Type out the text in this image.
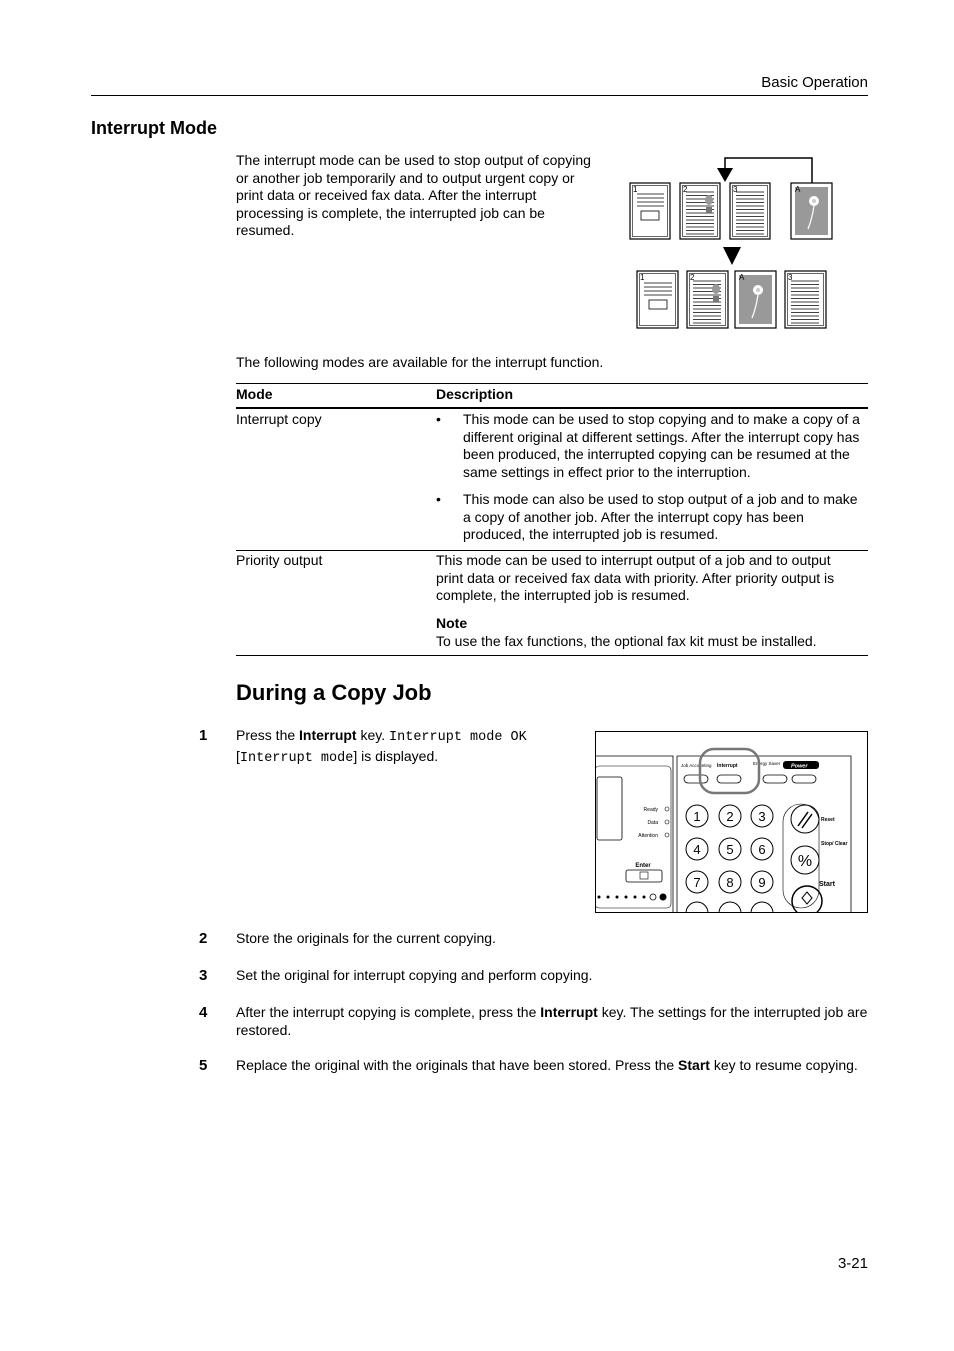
Basic Operation
Interrupt Mode
The interrupt mode can be used to stop output of copying or another job temporarily and to output urgent copy or print data or received fax data. After the interrupt processing is complete, the interrupted job can be resumed.
1	2	3	A
1	2	A	3
The following modes are available for the interrupt function.
Mode	Description
Interrupt copy	• This mode can be used to stop copying and to make a copy of a different original at different settings. After the interrupt copy has been produced, the interrupted copying can be resumed at the same settings in effect prior to the interruption.
• This mode can also be used to stop output of a job and to make a copy of another job. After the interrupt copy has been produced, the interrupted job is resumed.
Priority output	This mode can be used to interrupt output of a job and to output print data or received fax data with priority. After priority output is complete, the interrupted job is resumed.
Note
To use the fax functions, the optional fax kit must be installed.
During a Copy Job
1 Press the Interrupt key. Interrupt mode OK
[Interrupt mode] is displayed.
Ready
Data
Attention
Enter
Job Accounting Interrupt	Energy Saver Power
1 2 3
4 5 6
7 8 9
%
Reset
Stop/ Clear
Start
2 Store the originals for the current copying.
3 Set the original for interrupt copying and perform copying.
4 After the interrupt copying is complete, press the Interrupt key. The settings for the interrupted job are restored.
5 Replace the original with the originals that have been stored. Press the Start key to resume copying.
3-21
